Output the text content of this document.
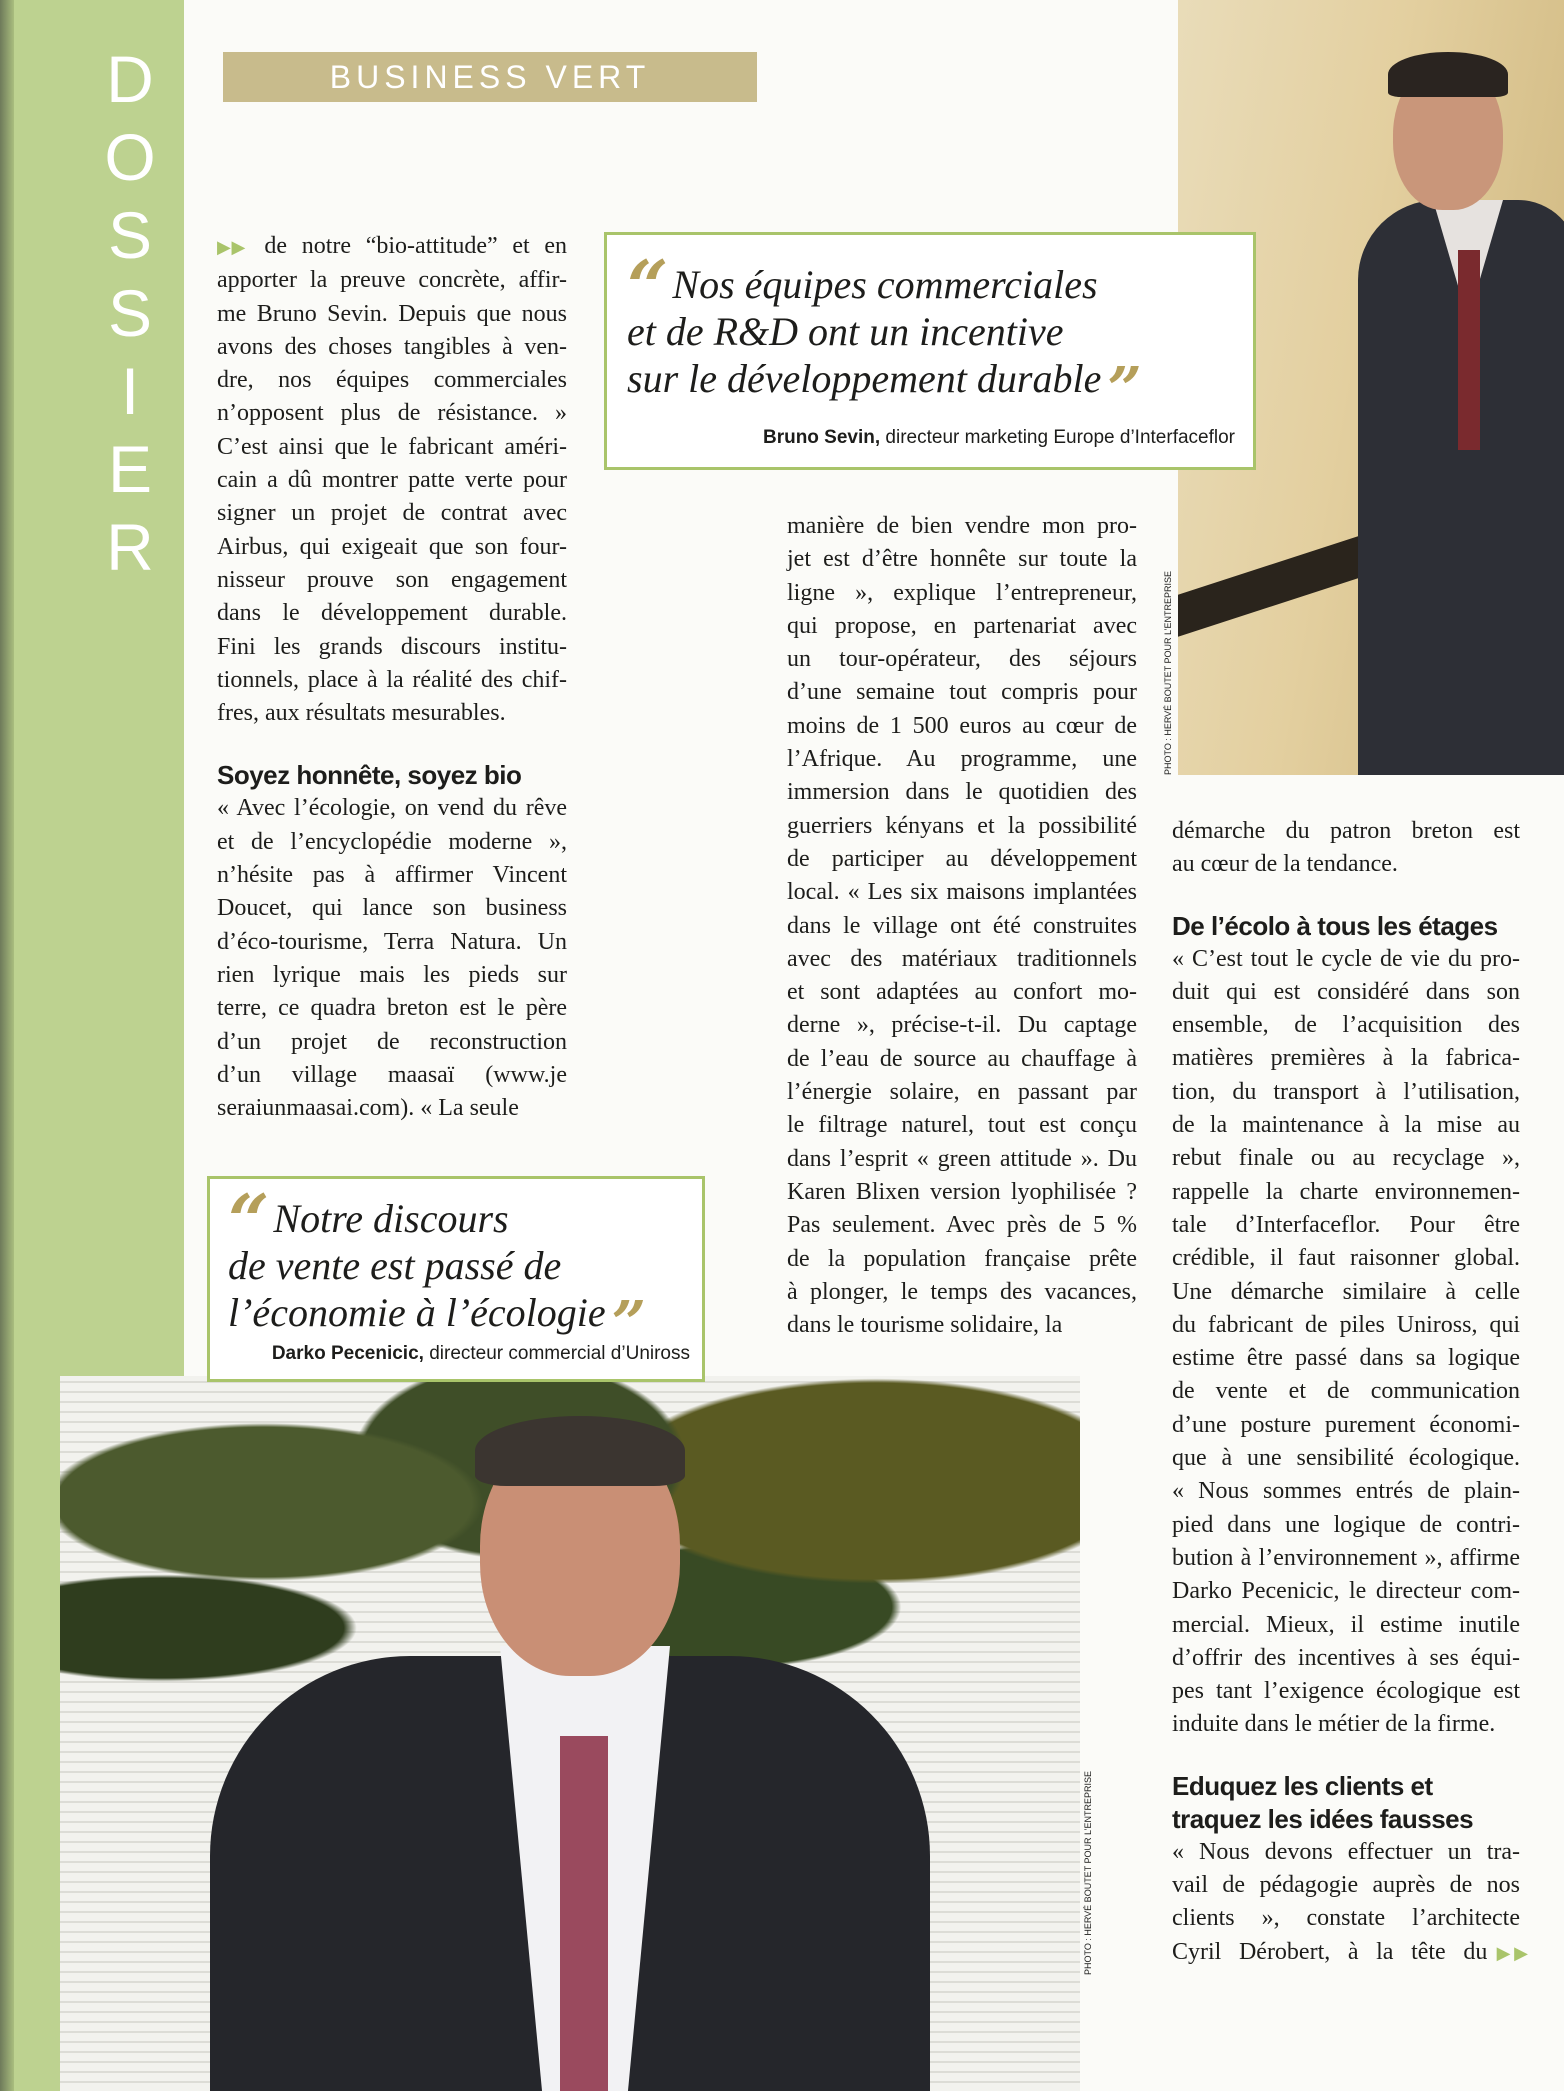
D
O
S
S
I
E
R
BUSINESS VERT
PHOTO : HERVÉ BOUTET POUR L’ENTREPRISE
▶▶ de notre “bio-attitude” et en
apporter la preuve concrète, affir-
me Bruno Sevin. Depuis que nous
avons des choses tangibles à ven-
dre, nos équipes commerciales
n’opposent plus de résistance. »
C’est ainsi que le fabricant améri-
cain a dû montrer patte verte pour
signer un projet de contrat avec
Airbus, qui exigeait que son four-
nisseur prouve son engagement
dans le développement durable.
Fini les grands discours institu-
tionnels, place à la réalité des chif-
fres, aux résultats mesurables.
Soyez honnête, soyez bio
« Avec l’écologie, on vend du rêve
et de l’encyclopédie moderne »,
n’hésite pas à affirmer Vincent
Doucet, qui lance son business
d’éco-tourisme, Terra Natura. Un
rien lyrique mais les pieds sur
terre, ce quadra breton est le père
d’un projet de reconstruction
d’un village maasaï (www.je
seraiunmaasai.com). « La seule
“ Nos équipes commerciales
et de R&D ont un incentive
sur le développement durable ”
Bruno Sevin, directeur marketing Europe d’Interfaceflor
manière de bien vendre mon pro-
jet est d’être honnête sur toute la
ligne », explique l’entrepreneur,
qui propose, en partenariat avec
un tour-opérateur, des séjours
d’une semaine tout compris pour
moins de 1 500 euros au cœur de
l’Afrique. Au programme, une
immersion dans le quotidien des
guerriers kényans et la possibilité
de participer au développement
local. « Les six maisons implantées
dans le village ont été construites
avec des matériaux traditionnels
et sont adaptées au confort mo-
derne », précise-t-il. Du captage
de l’eau de source au chauffage à
l’énergie solaire, en passant par
le filtrage naturel, tout est conçu
dans l’esprit « green attitude ». Du
Karen Blixen version lyophilisée ?
Pas seulement. Avec près de 5 %
de la population française prête
à plonger, le temps des vacances,
dans le tourisme solidaire, la
démarche du patron breton est
au cœur de la tendance.
De l’écolo à tous les étages
« C’est tout le cycle de vie du pro-
duit qui est considéré dans son
ensemble, de l’acquisition des
matières premières à la fabrica-
tion, du transport à l’utilisation,
de la maintenance à la mise au
rebut finale ou au recyclage »,
rappelle la charte environnemen-
tale d’Interfaceflor. Pour être
crédible, il faut raisonner global.
Une démarche similaire à celle
du fabricant de piles Uniross, qui
estime être passé dans sa logique
de vente et de communication
d’une posture purement économi-
que à une sensibilité écologique.
« Nous sommes entrés de plain-
pied dans une logique de contri-
bution à l’environnement », affirme
Darko Pecenicic, le directeur com-
mercial. Mieux, il estime inutile
d’offrir des incentives à ses équi-
pes tant l’exigence écologique est
induite dans le métier de la firme.
Eduquez les clients et
traquez les idées fausses
« Nous devons effectuer un tra-
vail de pédagogie auprès de nos
clients », constate l’architecte
Cyril Dérobert, à la tête du ▶▶
PHOTO : HERVÉ BOUTET POUR L’ENTREPRISE
“ Notre discours
de vente est passé de
l’économie à l’écologie ”
Darko Pecenicic, directeur commercial d’Uniross
